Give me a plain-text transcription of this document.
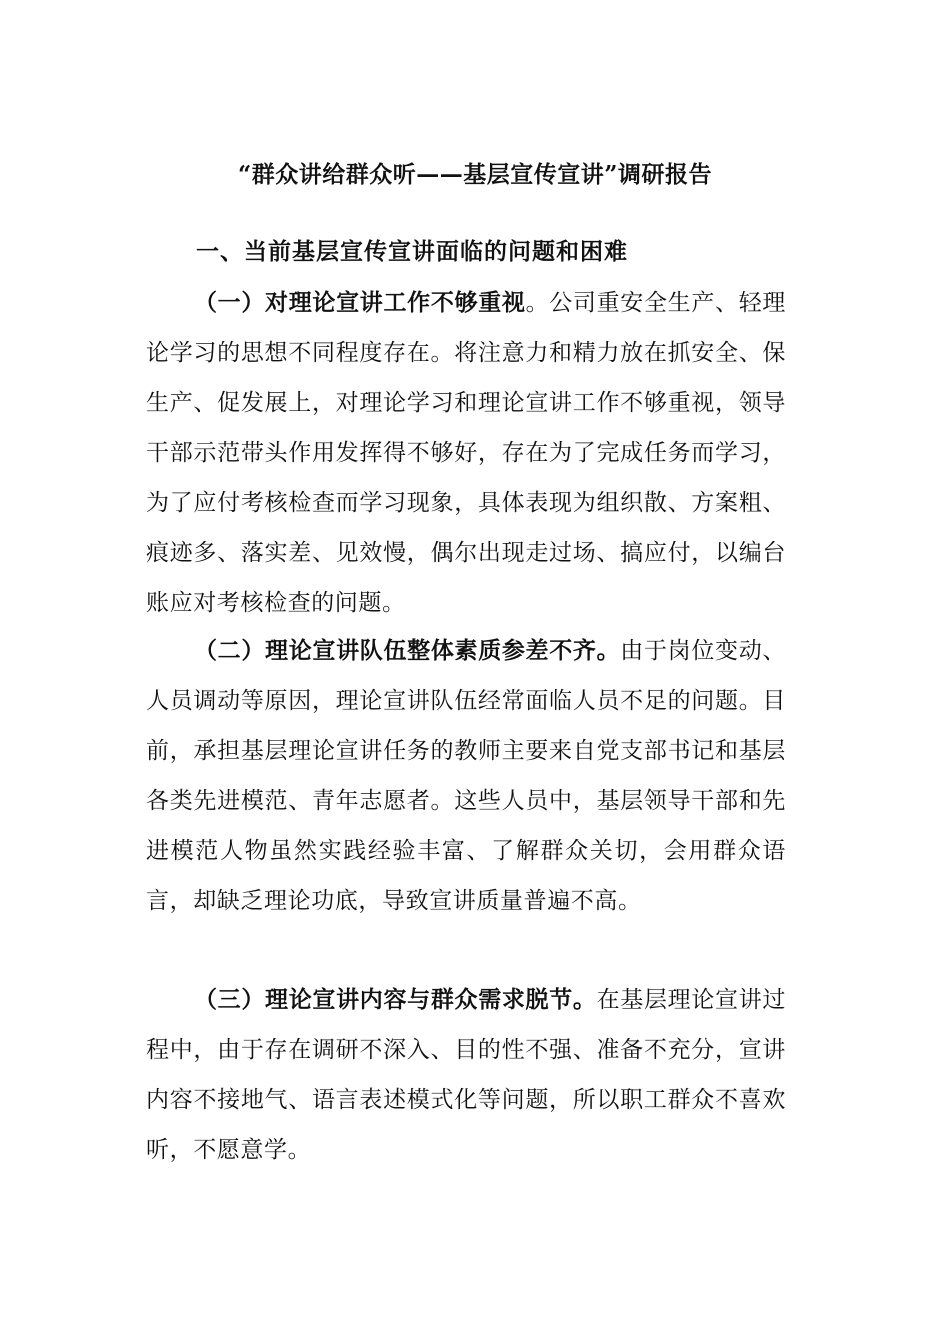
“群众讲给群众听——基层宣传宣讲”调研报告
一、当前基层宣传宣讲面临的问题和困难

（一）对理论宣讲工作不够重视。公司重安全生产、轻理论学习的思想不同程度存在。将注意力和精力放在抓安全、保生产、促发展上，对理论学习和理论宣讲工作不够重视，领导干部示范带头作用发挥得不够好，存在为了完成任务而学习，为了应付考核检查而学习现象，具体表现为组织散、方案粗、痕迹多、落实差、见效慢，偶尔出现走过场、搞应付，以编台账应对考核检查的问题。

（二）理论宣讲队伍整体素质参差不齐。由于岗位变动、人员调动等原因，理论宣讲队伍经常面临人员不足的问题。目前，承担基层理论宣讲任务的教师主要来自党支部书记和基层各类先进模范、青年志愿者。这些人员中，基层领导干部和先进模范人物虽然实践经验丰富、了解群众关切，会用群众语言，却缺乏理论功底，导致宣讲质量普遍不高。

（三）理论宣讲内容与群众需求脱节。在基层理论宣讲过程中，由于存在调研不深入、目的性不强、准备不充分，宣讲内容不接地气、语言表述模式化等问题，所以职工群众不喜欢听，不愿意学。
